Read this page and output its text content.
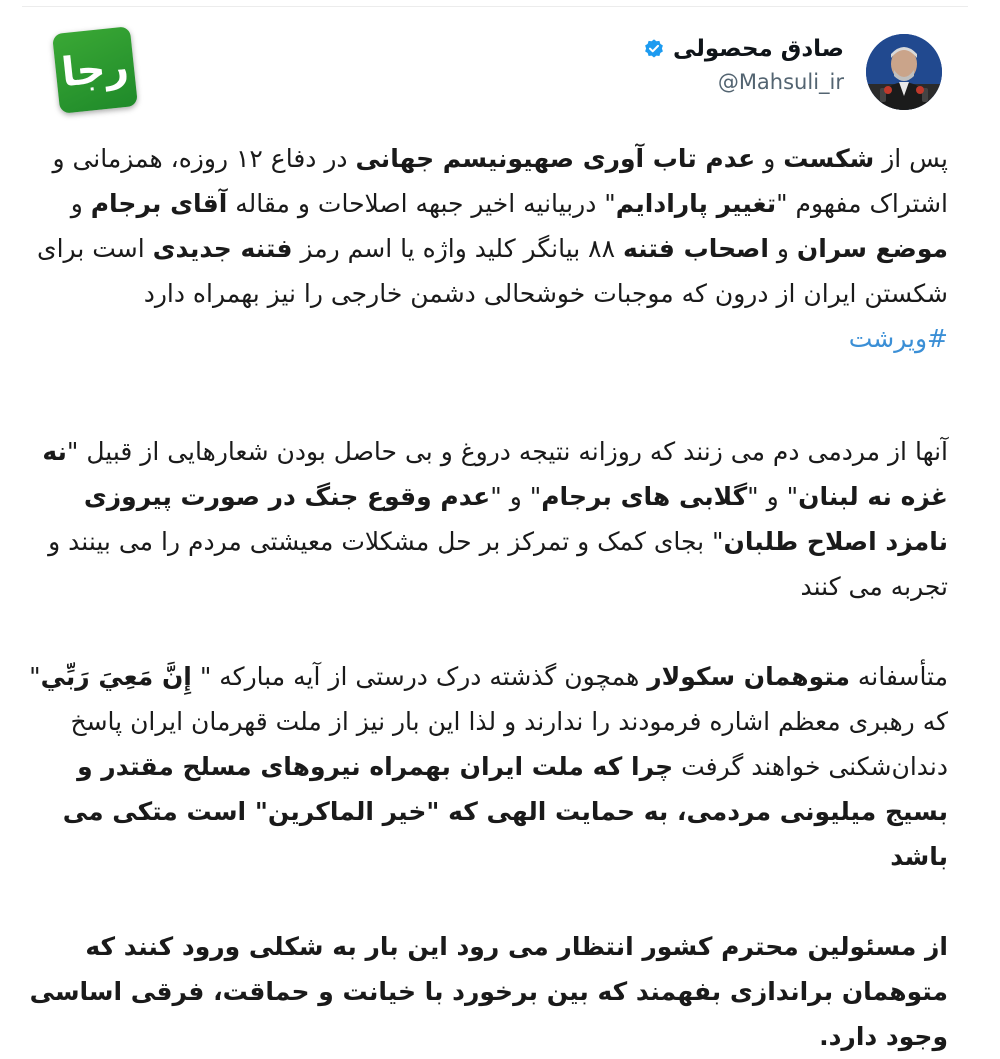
رجا	صادق محصولی
@Mahsuli_ir

پس از شکست و عدم تاب آوری صهیونیسم جهانی در دفاع ۱۲ روزه، همزمانی و اشتراک مفهوم "تغییر پارادایم" دربیانیه اخیر جبهه اصلاحات و مقاله آقای برجام و موضع سران و اصحاب فتنه ۸۸ بیانگر کلید واژه یا اسم رمز فتنه جدیدی است برای شکستن ایران از درون که موجبات خوشحالی دشمن خارجی را نیز بهمراه دارد
#ویرشت

آنها از مردمی دم می زنند که روزانه نتیجه دروغ و بی حاصل بودن شعارهایی از قبیل "نه غزه نه لبنان" و "گلابی های برجام" و "عدم وقوع جنگ در صورت پیروزی نامزد اصلاح طلبان" بجای کمک و تمرکز بر حل مشکلات معیشتی مردم را می بینند و تجربه می کنند

متأسفانه متوهمان سکولار همچون گذشته درک درستی از آیه مبارکه " إِنَّ مَعِيَ رَبِّي" که رهبری معظم اشاره فرمودند را ندارند و لذا این بار نیز از ملت قهرمان ایران پاسخ دندان‌شکنی خواهند گرفت چرا که ملت ایران بهمراه نیروهای مسلح مقتدر و بسیج میلیونی مردمی، به حمایت الهی که "خیر الماکرین" است متکی می باشد

از مسئولین محترم کشور انتظار می رود این بار به شکلی ورود کنند که متوهمان براندازی بفهمند که بین برخورد با خیانت و حماقت، فرقی اساسی وجود دارد.
